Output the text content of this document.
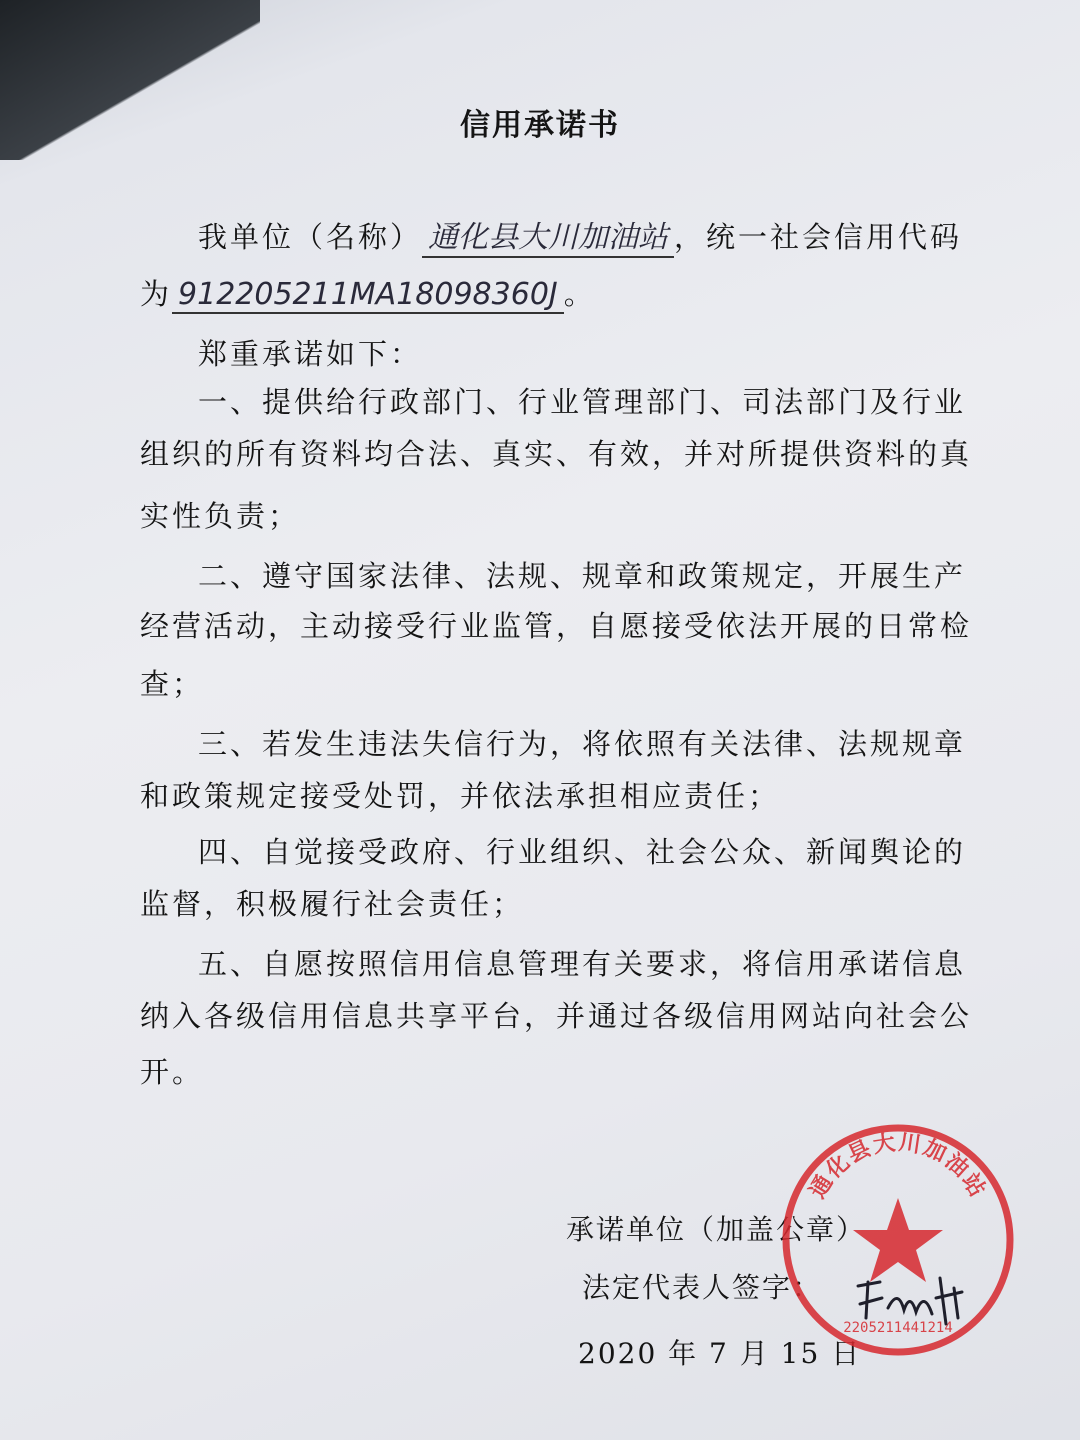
信用承诺书
我单位（名称） 通化县大川加油站 ，统一社会信用代码
为 912205211MA18098360J 。
郑重承诺如下：
一、提供给行政部门、行业管理部门、司法部门及行业
组织的所有资料均合法、真实、有效，并对所提供资料的真
实性负责；
二、遵守国家法律、法规、规章和政策规定，开展生产
经营活动，主动接受行业监管，自愿接受依法开展的日常检
查；
三、若发生违法失信行为，将依照有关法律、法规规章
和政策规定接受处罚，并依法承担相应责任；
四、自觉接受政府、行业组织、社会公众、新闻舆论的
监督，积极履行社会责任；
五、自愿按照信用信息管理有关要求，将信用承诺信息
纳入各级信用信息共享平台，并通过各级信用网站向社会公
开。
承诺单位（加盖公章）
法定代表人签字：
2020 年 7 月 15 日
通化县大川加油站
2205211441214
